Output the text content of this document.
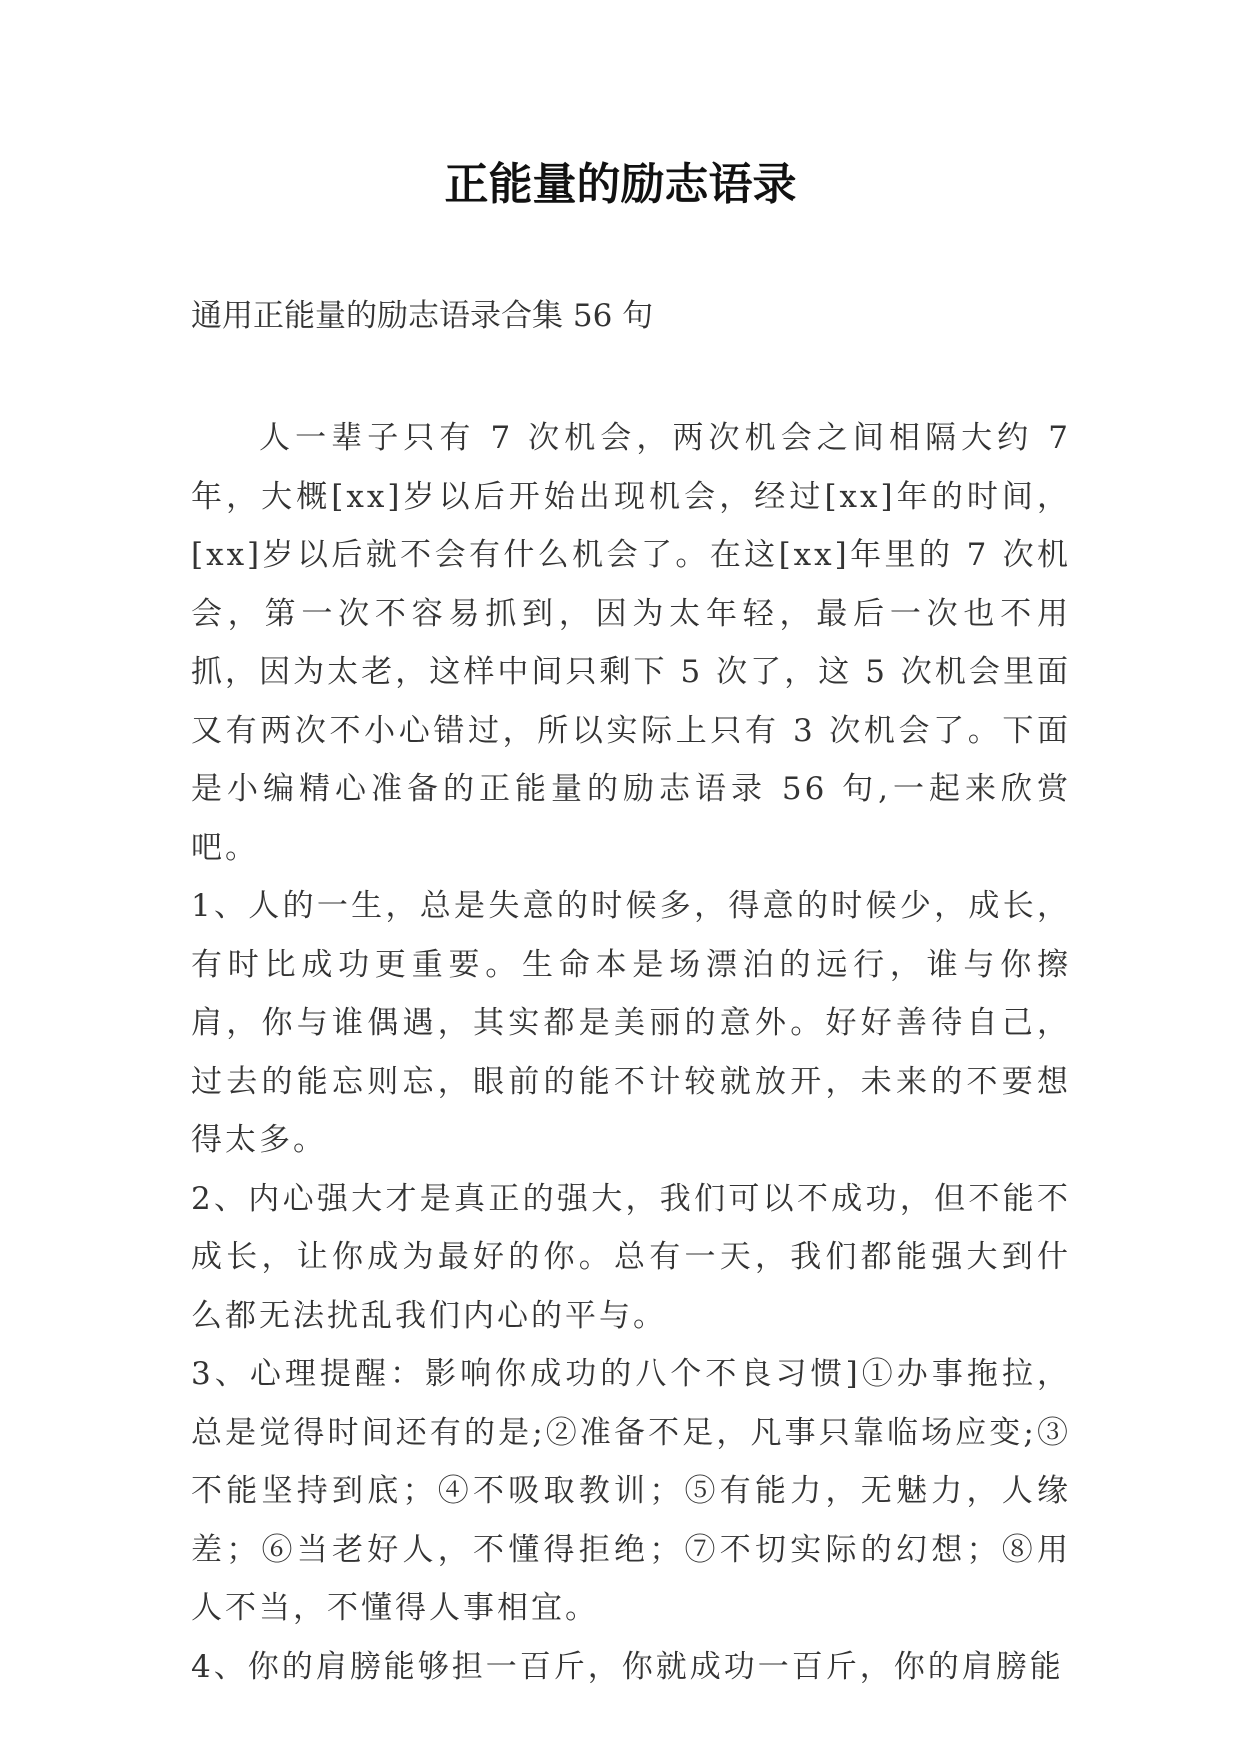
正能量的励志语录

通用正能量的励志语录合集 56 句

人一辈子只有 7 次机会，两次机会之间相隔大约 7 年，大概[xx]岁以后开始出现机会，经过[xx]年的时间，[xx]岁以后就不会有什么机会了。在这[xx]年里的 7 次机会，第一次不容易抓到，因为太年轻，最后一次也不用抓，因为太老，这样中间只剩下 5 次了，这 5 次机会里面又有两次不小心错过，所以实际上只有 3 次机会了。下面是小编精心准备的正能量的励志语录 56 句,一起来欣赏吧。

1、人的一生，总是失意的时候多，得意的时候少，成长，有时比成功更重要。生命本是场漂泊的远行，谁与你擦肩，你与谁偶遇，其实都是美丽的意外。好好善待自己，过去的能忘则忘，眼前的能不计较就放开，未来的不要想得太多。

2、内心强大才是真正的强大，我们可以不成功，但不能不成长，让你成为最好的你。总有一天，我们都能强大到什么都无法扰乱我们内心的平与。

3、心理提醒：影响你成功的八个不良习惯]①办事拖拉，总是觉得时间还有的是;②准备不足，凡事只靠临场应变;③不能坚持到底；④不吸取教训；⑤有能力，无魅力，人缘差；⑥当老好人，不懂得拒绝；⑦不切实际的幻想；⑧用人不当，不懂得人事相宜。

4、你的肩膀能够担一百斤，你就成功一百斤，你的肩膀能
